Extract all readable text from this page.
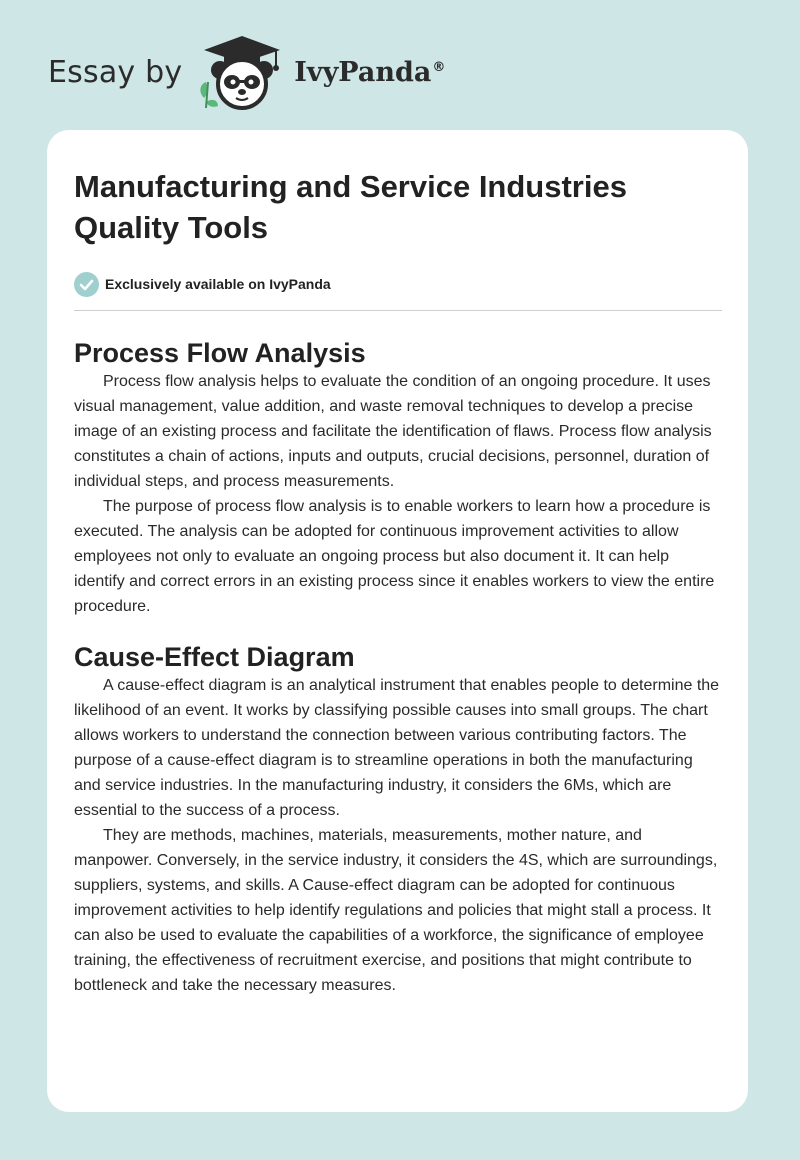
Essay by	IvyPanda®
Manufacturing and Service Industries Quality Tools
Exclusively available on IvyPanda
Process Flow Analysis

Process flow analysis helps to evaluate the condition of an ongoing procedure. It uses visual management, value addition, and waste removal techniques to develop a precise image of an existing process and facilitate the identification of flaws. Process flow analysis constitutes a chain of actions, inputs and outputs, crucial decisions, personnel, duration of individual steps, and process measurements.

The purpose of process flow analysis is to enable workers to learn how a procedure is executed. The analysis can be adopted for continuous improvement activities to allow employees not only to evaluate an ongoing process but also document it. It can help identify and correct errors in an existing process since it enables workers to view the entire procedure.

Cause-Effect Diagram

A cause-effect diagram is an analytical instrument that enables people to determine the likelihood of an event. It works by classifying possible causes into small groups. The chart allows workers to understand the connection between various contributing factors. The purpose of a cause-effect diagram is to streamline operations in both the manufacturing and service industries. In the manufacturing industry, it considers the 6Ms, which are essential to the success of a process.

They are methods, machines, materials, measurements, mother nature, and manpower. Conversely, in the service industry, it considers the 4S, which are surroundings, suppliers, systems, and skills. A Cause-effect diagram can be adopted for continuous improvement activities to help identify regulations and policies that might stall a process. It can also be used to evaluate the capabilities of a workforce, the significance of employee training, the effectiveness of recruitment exercise, and positions that might contribute to bottleneck and take the necessary measures.
